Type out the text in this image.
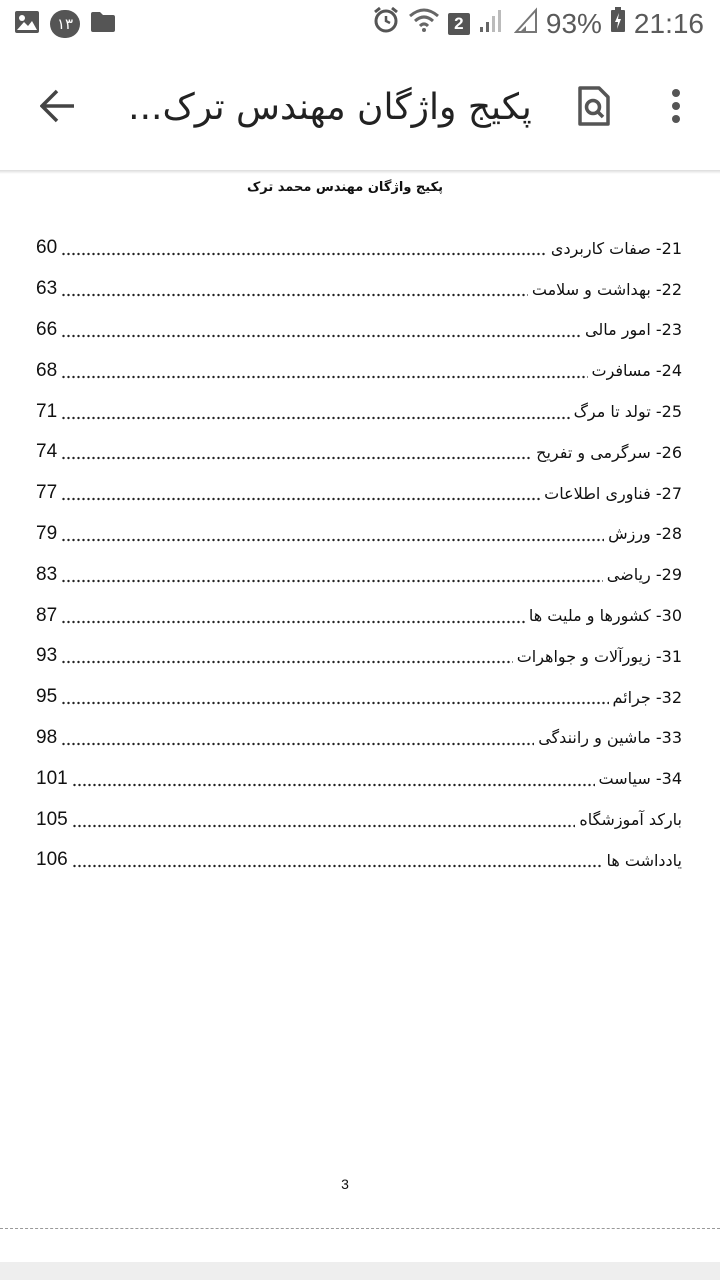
۱۳	2	93% 21:16
پکیج واژگان مهندس ترک...
پکیج واژگان مهندس محمد ترک
60	21- صفات کاربردی
63	22- بهداشت و سلامت
66	23- امور مالی
68	24- مسافرت
71	25- تولد تا مرگ
74	26- سرگرمی و تفریح
77	27- فناوری اطلاعات
79	28- ورزش
83	29- ریاضی
87	30- کشورها و ملیت ها
93	31- زیورآلات و جواهرات
95	32- جرائم
98	33- ماشین و رانندگی
101	34- سیاست
105	بارکد آموزشگاه
106	یادداشت ها
3
